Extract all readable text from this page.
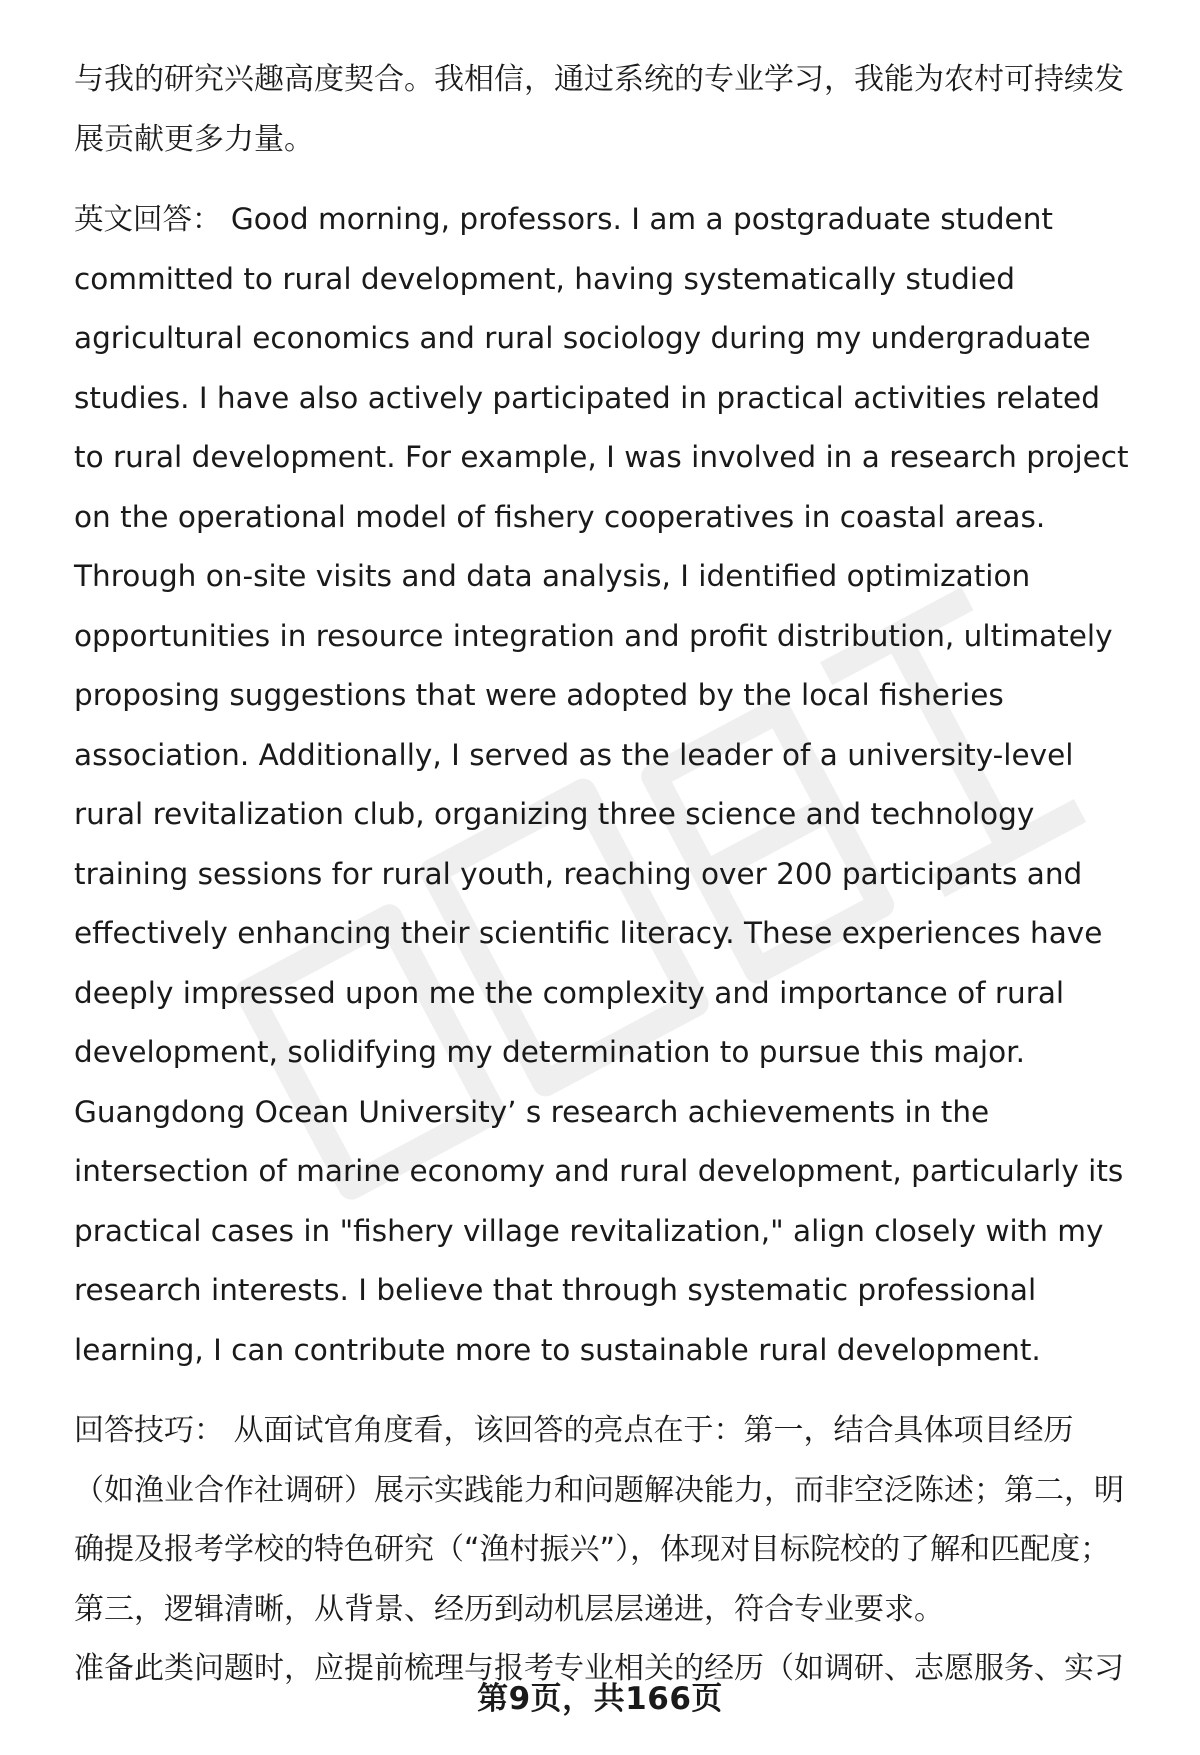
与我的研究兴趣高度契合。我相信，通过系统的专业学习，我能为农村可持续发展贡献更多力量。

英文回答： Good morning, professors. I am a postgraduate student committed to rural development, having systematically studied agricultural economics and rural sociology during my undergraduate studies. I have also actively participated in practical activities related to rural development. For example, I was involved in a research project on the operational model of fishery cooperatives in coastal areas. Through on-site visits and data analysis, I identified optimization opportunities in resource integration and profit distribution, ultimately proposing suggestions that were adopted by the local fisheries association. Additionally, I served as the leader of a university-level rural revitalization club, organizing three science and technology training sessions for rural youth, reaching over 200 participants and effectively enhancing their scientific literacy. These experiences have deeply impressed upon me the complexity and importance of rural development, solidifying my determination to pursue this major. Guangdong Ocean University’ s research achievements in the intersection of marine economy and rural development, particularly its practical cases in "fishery village revitalization," align closely with my research interests. I believe that through systematic professional learning, I can contribute more to sustainable rural development.

回答技巧： 从面试官角度看，该回答的亮点在于：第一，结合具体项目经历（如渔业合作社调研）展示实践能力和问题解决能力，而非空泛陈述；第二，明确提及报考学校的特色研究（“渔村振兴”），体现对目标院校的了解和匹配度；第三，逻辑清晰，从背景、经历到动机层层递进，符合专业要求。

准备此类问题时，应提前梳理与报考专业相关的经历（如调研、志愿服务、实习

第9页，共166页
